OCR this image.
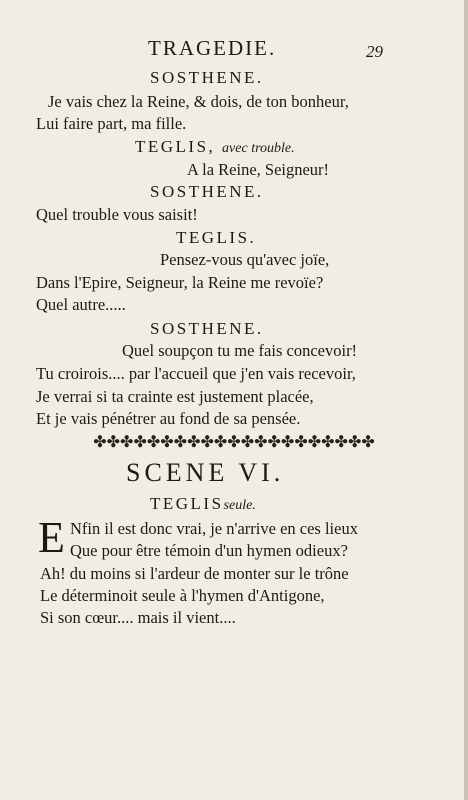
TRAGEDIE.	29
SOSTHENE.
Je vais chez la Reine, & dois, de ton bonheur,
Lui faire part, ma fille.
TEGLIS, avec trouble.
A la Reine, Seigneur!
SOSTHENE.
Quel trouble vous saisit!
TEGLIS.
Pensez-vous qu'avec joïe,
Dans l'Epire, Seigneur, la Reine me revoïe?
Quel autre.....
SOSTHENE.
Quel soupçon tu me fais concevoir!
Tu croirois.... par l'accueil que j'en vais recevoir,
Je verrai si ta crainte est justement placée,
Et je vais pénétrer au fond de sa pensée.
✤✤✤✤✤✤✤✤✤✤✤✤✤✤✤✤✤✤✤✤✤
SCENE VI.
TEGLISseule.
E Nfin il est donc vrai, je n'arrive en ces lieux
Que pour être témoin d'un hymen odieux?
Ah! du moins si l'ardeur de monter sur le trône
Le déterminoit seule à l'hymen d'Antigone,
Si son cœur.... mais il vient....
